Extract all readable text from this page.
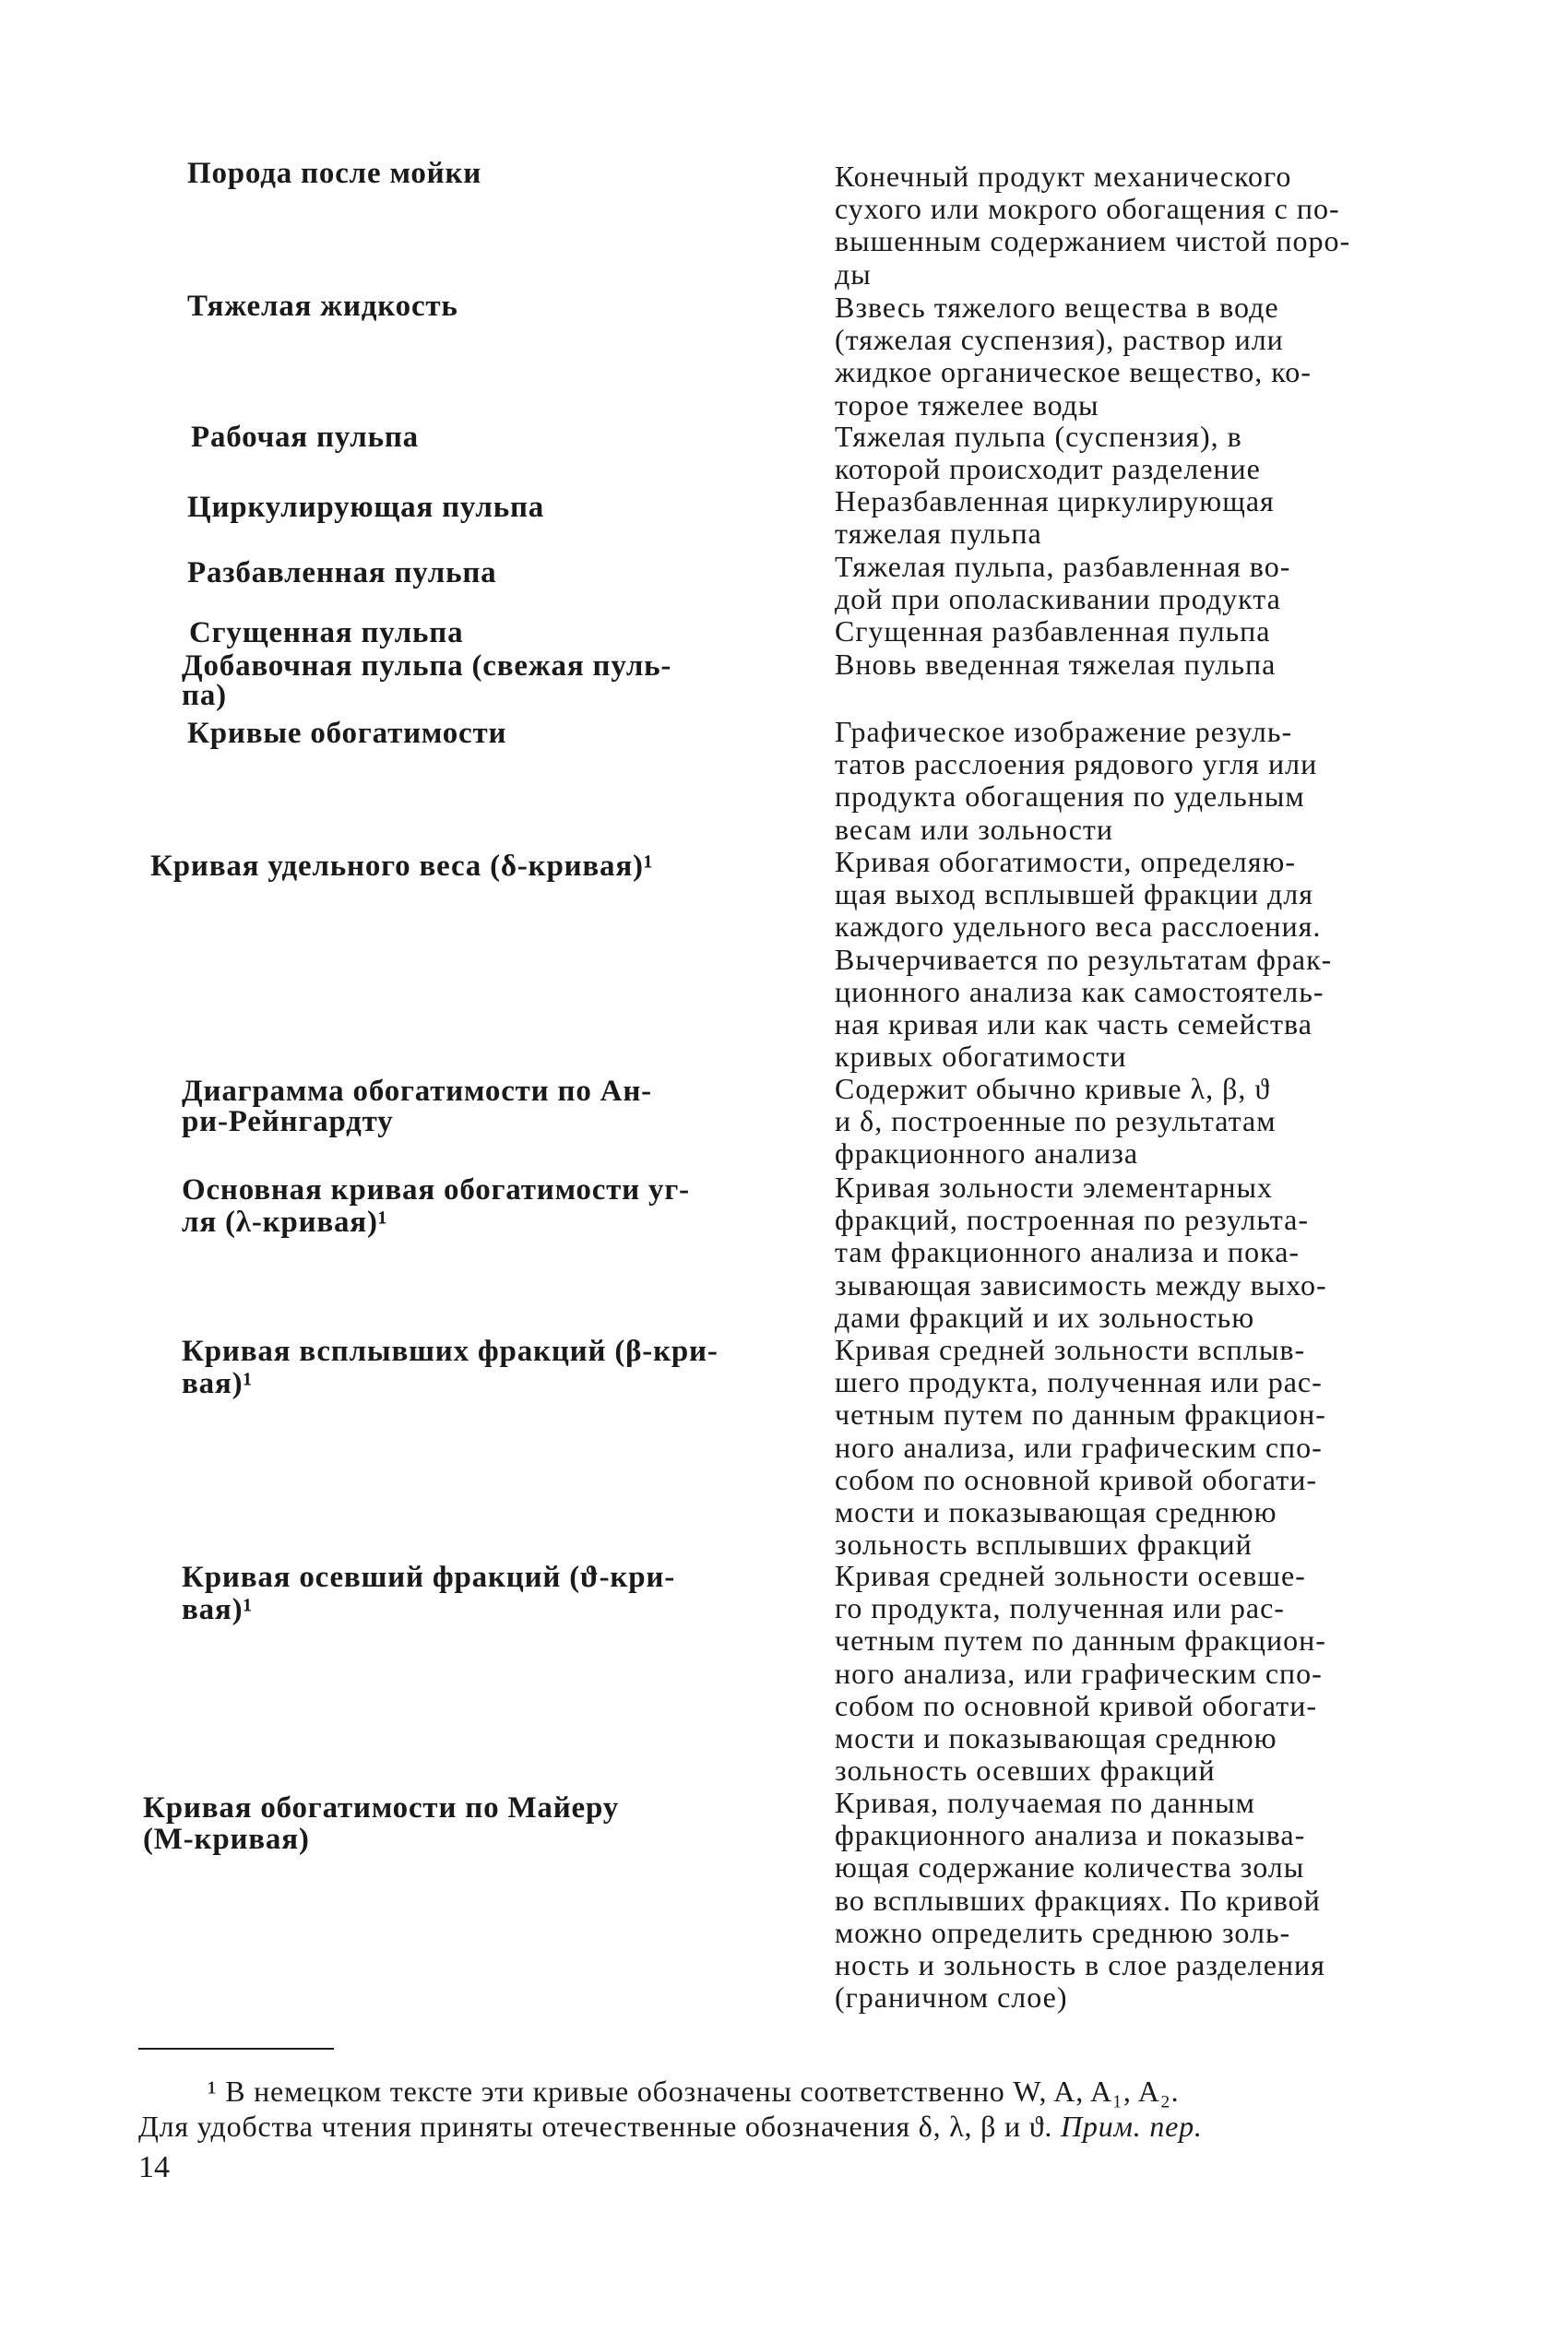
Порода после мойки

Тяжелая жидкость

Рабочая пульпа

Циркулирующая пульпа

Разбавленная пульпа

Сгущенная пульпа

Добавочная пульпа (свежая пуль-
па)

Кривые обогатимости

Кривая удельного веса (δ-кривая)¹

Диаграмма обогатимости по Ан-
ри-Рейнгардту

Основная кривая обогатимости уг-
ля (λ-кривая)¹

Кривая всплывших фракций (β-кри-
вая)¹

Кривая осевший фракций (ϑ-кри-
вая)¹

Кривая обогатимости по Майеру
(М-кривая)

Конечный продукт механического
сухого или мокрого обогащения с по-
вышенным содержанием чистой поро-
ды

Взвесь тяжелого вещества в воде
(тяжелая суспензия), раствор или
жидкое органическое вещество, ко-
торое тяжелее воды

Тяжелая пульпа (суспензия), в
которой происходит разделение

Неразбавленная циркулирующая
тяжелая пульпа

Тяжелая пульпа, разбавленная во-
дой при ополаскивании продукта

Сгущенная разбавленная пульпа

Вновь введенная тяжелая пульпа

Графическое изображение резуль-
татов расслоения рядового угля или
продукта обогащения по удельным
весам или зольности

Кривая обогатимости, определяю-
щая выход всплывшей фракции для
каждого удельного веса расслоения.
Вычерчивается по результатам фрак-
ционного анализа как самостоятель-
ная кривая или как часть семейства
кривых обогатимости

Содержит обычно кривые λ, β, ϑ
и δ, построенные по результатам
фракционного анализа

Кривая зольности элементарных
фракций, построенная по результа-
там фракционного анализа и пока-
зывающая зависимость между выхо-
дами фракций и их зольностью

Кривая средней зольности всплыв-
шего продукта, полученная или рас-
четным путем по данным фракцион-
ного анализа, или графическим спо-
собом по основной кривой обогати-
мости и показывающая среднюю
зольность всплывших фракций

Кривая средней зольности осевше-
го продукта, полученная или рас-
четным путем по данным фракцион-
ного анализа, или графическим спо-
собом по основной кривой обогати-
мости и показывающая среднюю
зольность осевших фракций

Кривая, получаемая по данным
фракционного анализа и показыва-
ющая содержание количества золы
во всплывших фракциях. По кривой
можно определить среднюю золь-
ность и зольность в слое разделения
(граничном слое)

¹ В немецком тексте эти кривые обозначены соответственно W, A, A₁, A₂.

Для удобства чтения приняты отечественные обозначения δ, λ, β и ϑ. Прим. пер.

14
